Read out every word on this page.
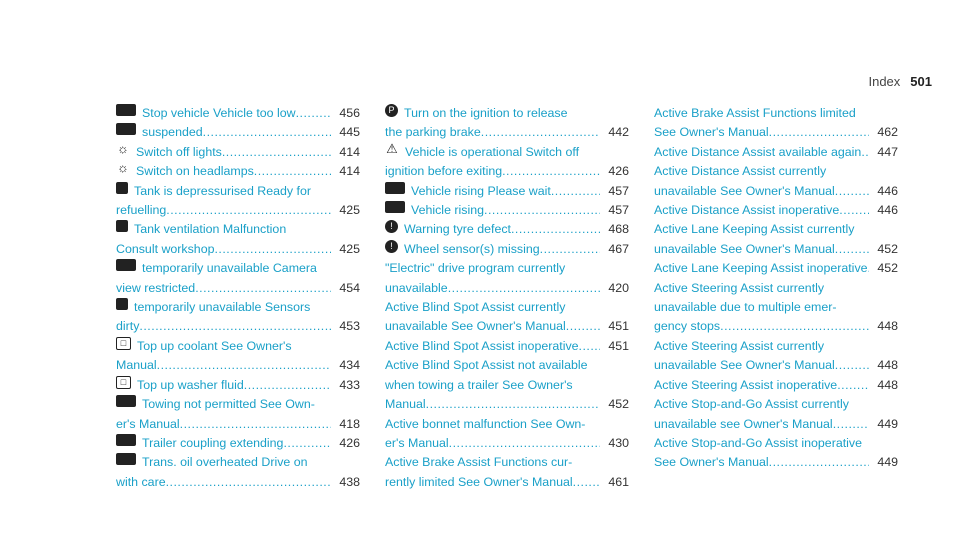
Index 501
Stop vehicle Vehicle too low .....	456
suspended .....	445
☼ Switch off lights .....	414
☼ Switch on headlamps .....	414
Tank is depressurised Ready for
refuelling .....	425
Tank ventilation Malfunction
Consult workshop .....	425
temporarily unavailable Camera
view restricted .....	454
temporarily unavailable Sensors
dirty .....	453
□ Top up coolant See Owner's
Manual .....	434
□ Top up washer fluid .....	433
Towing not permitted See Own-
er's Manual .....	418
Trailer coupling extending .....	426
Trans. oil overheated Drive on
with care .....	438
P Turn on the ignition to release
the parking brake .....	442
⚠ Vehicle is operational Switch off
ignition before exiting .....	426
Vehicle rising Please wait .....	457
Vehicle rising .....	457
! Warning tyre defect .....	468
! Wheel sensor(s) missing .....	467
"Electric" drive program currently
unavailable .....	420
Active Blind Spot Assist currently
unavailable See Owner's Manual .....	451
Active Blind Spot Assist inoperative .....	451
Active Blind Spot Assist not available
when towing a trailer See Owner's
Manual .....	452
Active bonnet malfunction See Own-
er's Manual .....	430
Active Brake Assist Functions cur-
rently limited See Owner's Manual .....	461
Active Brake Assist Functions limited
See Owner's Manual .....	462
Active Distance Assist available again .....	447
Active Distance Assist currently
unavailable See Owner's Manual .....	446
Active Distance Assist inoperative .....	446
Active Lane Keeping Assist currently
unavailable See Owner's Manual .....	452
Active Lane Keeping Assist inoperative ..... 452
Active Steering Assist currently
unavailable due to multiple emer-
gency stops .....	448
Active Steering Assist currently
unavailable See Owner's Manual .....	448
Active Steering Assist inoperative .....	448
Active Stop-and-Go Assist currently
unavailable see Owner's Manual .....	449
Active Stop-and-Go Assist inoperative
See Owner's Manual .....	449
